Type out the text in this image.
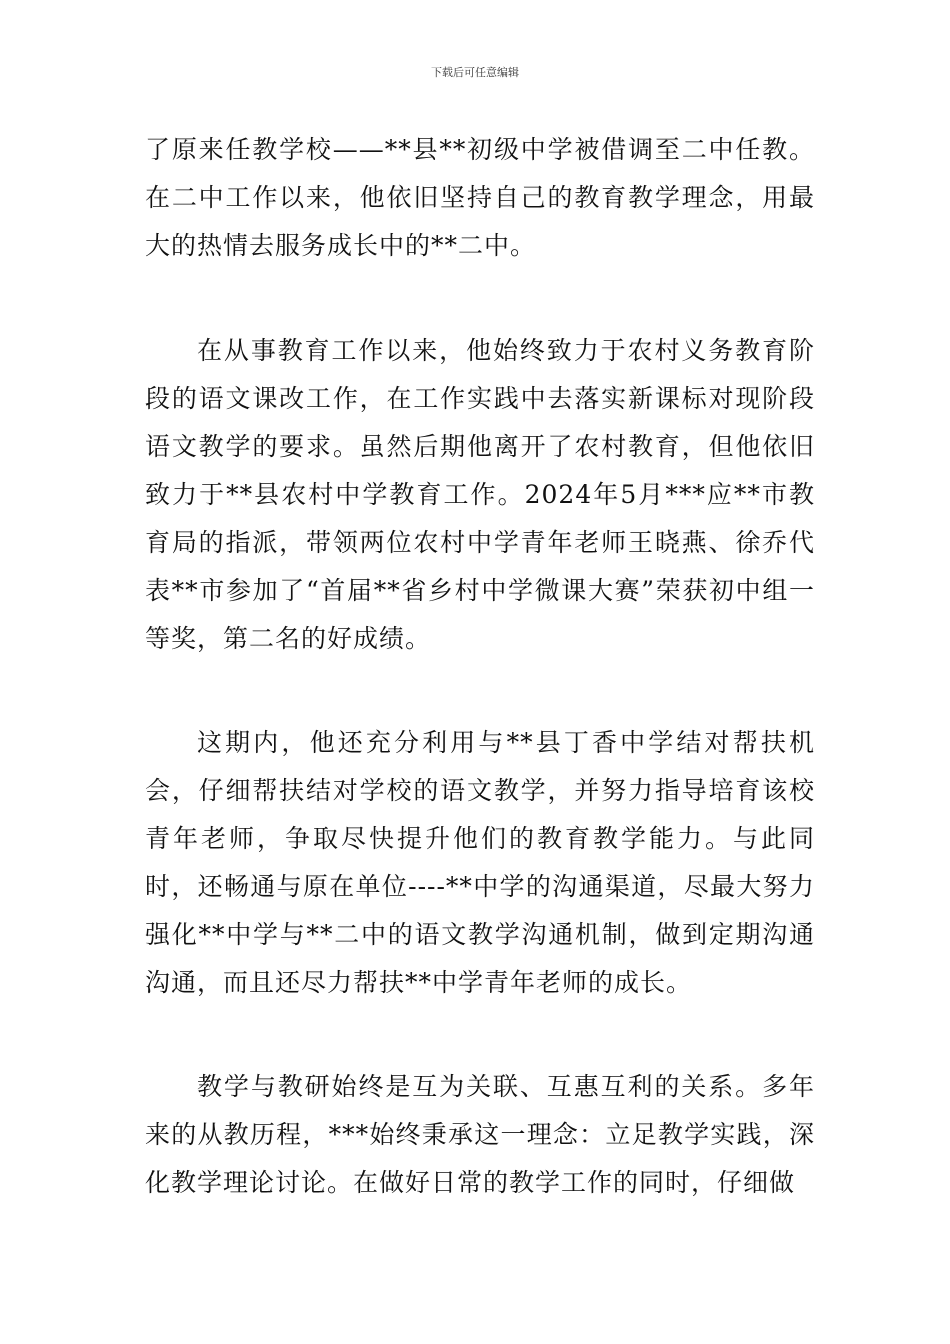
下载后可任意编辑

了原来任教学校——**县**初级中学被借调至二中任教。在二中工作以来，他依旧坚持自己的教育教学理念，用最大的热情去服务成长中的**二中。

在从事教育工作以来，他始终致力于农村义务教育阶段的语文课改工作，在工作实践中去落实新课标对现阶段语文教学的要求。虽然后期他离开了农村教育，但他依旧致力于**县农村中学教育工作。2024年5月***应**市教育局的指派，带领两位农村中学青年老师王晓燕、徐乔代表**市参加了“首届**省乡村中学微课大赛”荣获初中组一等奖，第二名的好成绩。

这期内，他还充分利用与**县丁香中学结对帮扶机会，仔细帮扶结对学校的语文教学，并努力指导培育该校青年老师，争取尽快提升他们的教育教学能力。与此同时，还畅通与原在单位----**中学的沟通渠道，尽最大努力强化**中学与**二中的语文教学沟通机制，做到定期沟通沟通，而且还尽力帮扶**中学青年老师的成长。

教学与教研始终是互为关联、互惠互利的关系。多年来的从教历程，***始终秉承这一理念：立足教学实践，深化教学理论讨论。在做好日常的教学工作的同时，仔细做
